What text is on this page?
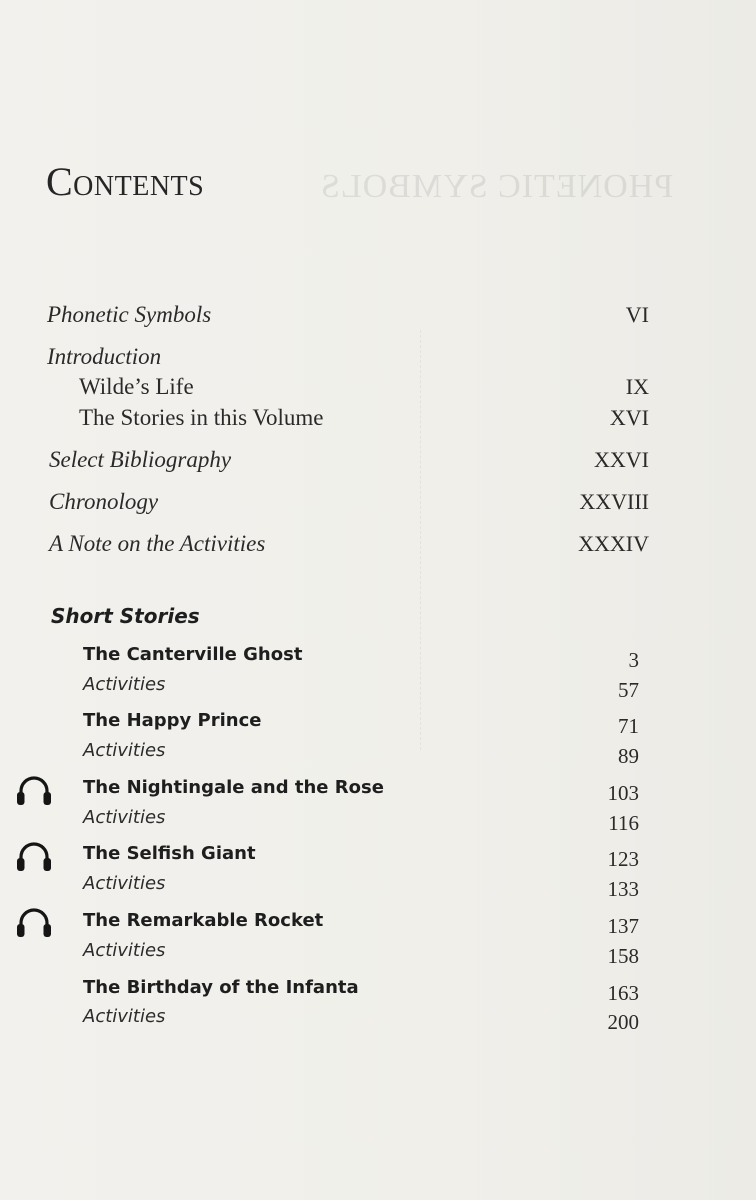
PHONETIC SYMBOLS
Contents
Phonetic Symbols	VI
Introduction
Wilde’s Life	IX
The Stories in this Volume	XVI
Select Bibliography	XXVI
Chronology	XXVIII
A Note on the Activities	XXXIV
Short Stories
The Canterville Ghost	3
Activities	57
The Happy Prince	71
Activities	89
The Nightingale and the Rose	103
Activities	116
The Selfish Giant	123
Activities	133
The Remarkable Rocket	137
Activities	158
The Birthday of the Infanta	163
Activities	200
